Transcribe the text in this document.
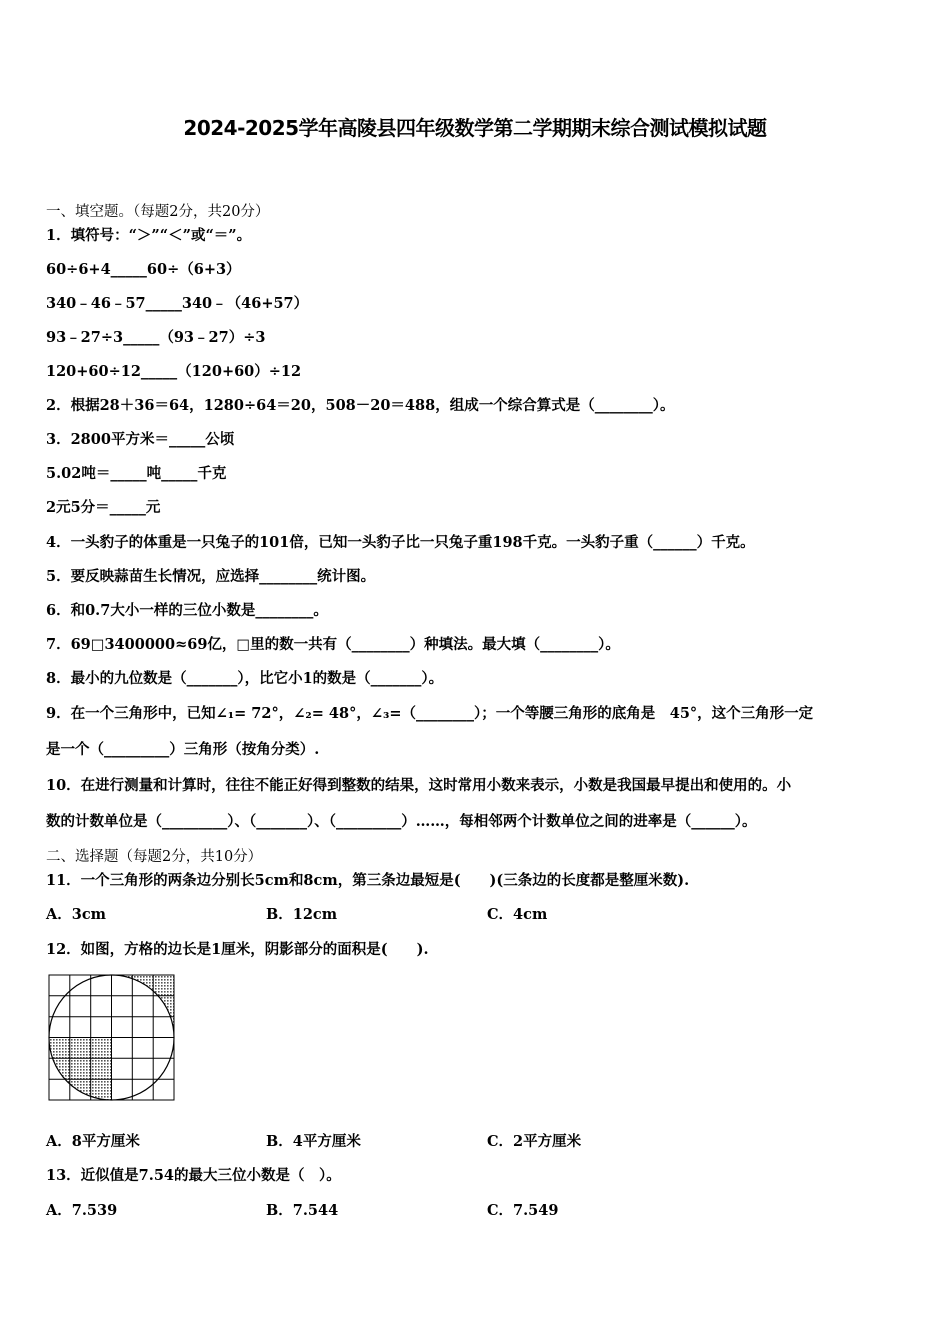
2024-2025学年高陵县四年级数学第二学期期末综合测试模拟试题
一、填空题。（每题2分，共20分）
1．填符号：“＞”“＜”或“＝”。
60÷6+4_____60÷（6+3）
340﹣46﹣57_____340﹣（46+57）
93﹣27÷3_____（93﹣27）÷3
120+60÷12_____（120+60）÷12
2．根据28＋36＝64，1280÷64＝20，508－20＝488，组成一个综合算式是（________）。
3．2800平方米＝_____公顷
5.02吨＝_____吨_____千克
2元5分＝_____元
4．一头豹子的体重是一只兔子的101倍，已知一头豹子比一只兔子重198千克。一头豹子重（______）千克。
5．要反映蒜苗生长情况，应选择________统计图。
6．和0.7大小一样的三位小数是________。
7．69□3400000≈69亿，□里的数一共有（________）种填法。最大填（________）。
8．最小的九位数是（_______），比它小1的数是（_______）。
9．在一个三角形中，已知∠₁= 72°，∠₂= 48°，∠₃=（________）；一个等腰三角形的底角是　45°，这个三角形一定
是一个（_________）三角形（按角分类）.
10．在进行测量和计算时，往往不能正好得到整数的结果，这时常用小数来表示，小数是我国最早提出和使用的。小
数的计数单位是（_________）、（_______）、（_________）……，每相邻两个计数单位之间的进率是（______）。
二、选择题（每题2分，共10分）
11．一个三角形的两条边分别长5cm和8cm，第三条边最短是(　　)(三条边的长度都是整厘米数).
A．3cm	B．12cm	C．4cm
12．如图，方格的边长是1厘米，阴影部分的面积是(　　).
A．8平方厘米	B．4平方厘米	C．2平方厘米
13．近似值是7.54的最大三位小数是（　）。
A．7.539	B．7.544	C．7.549
